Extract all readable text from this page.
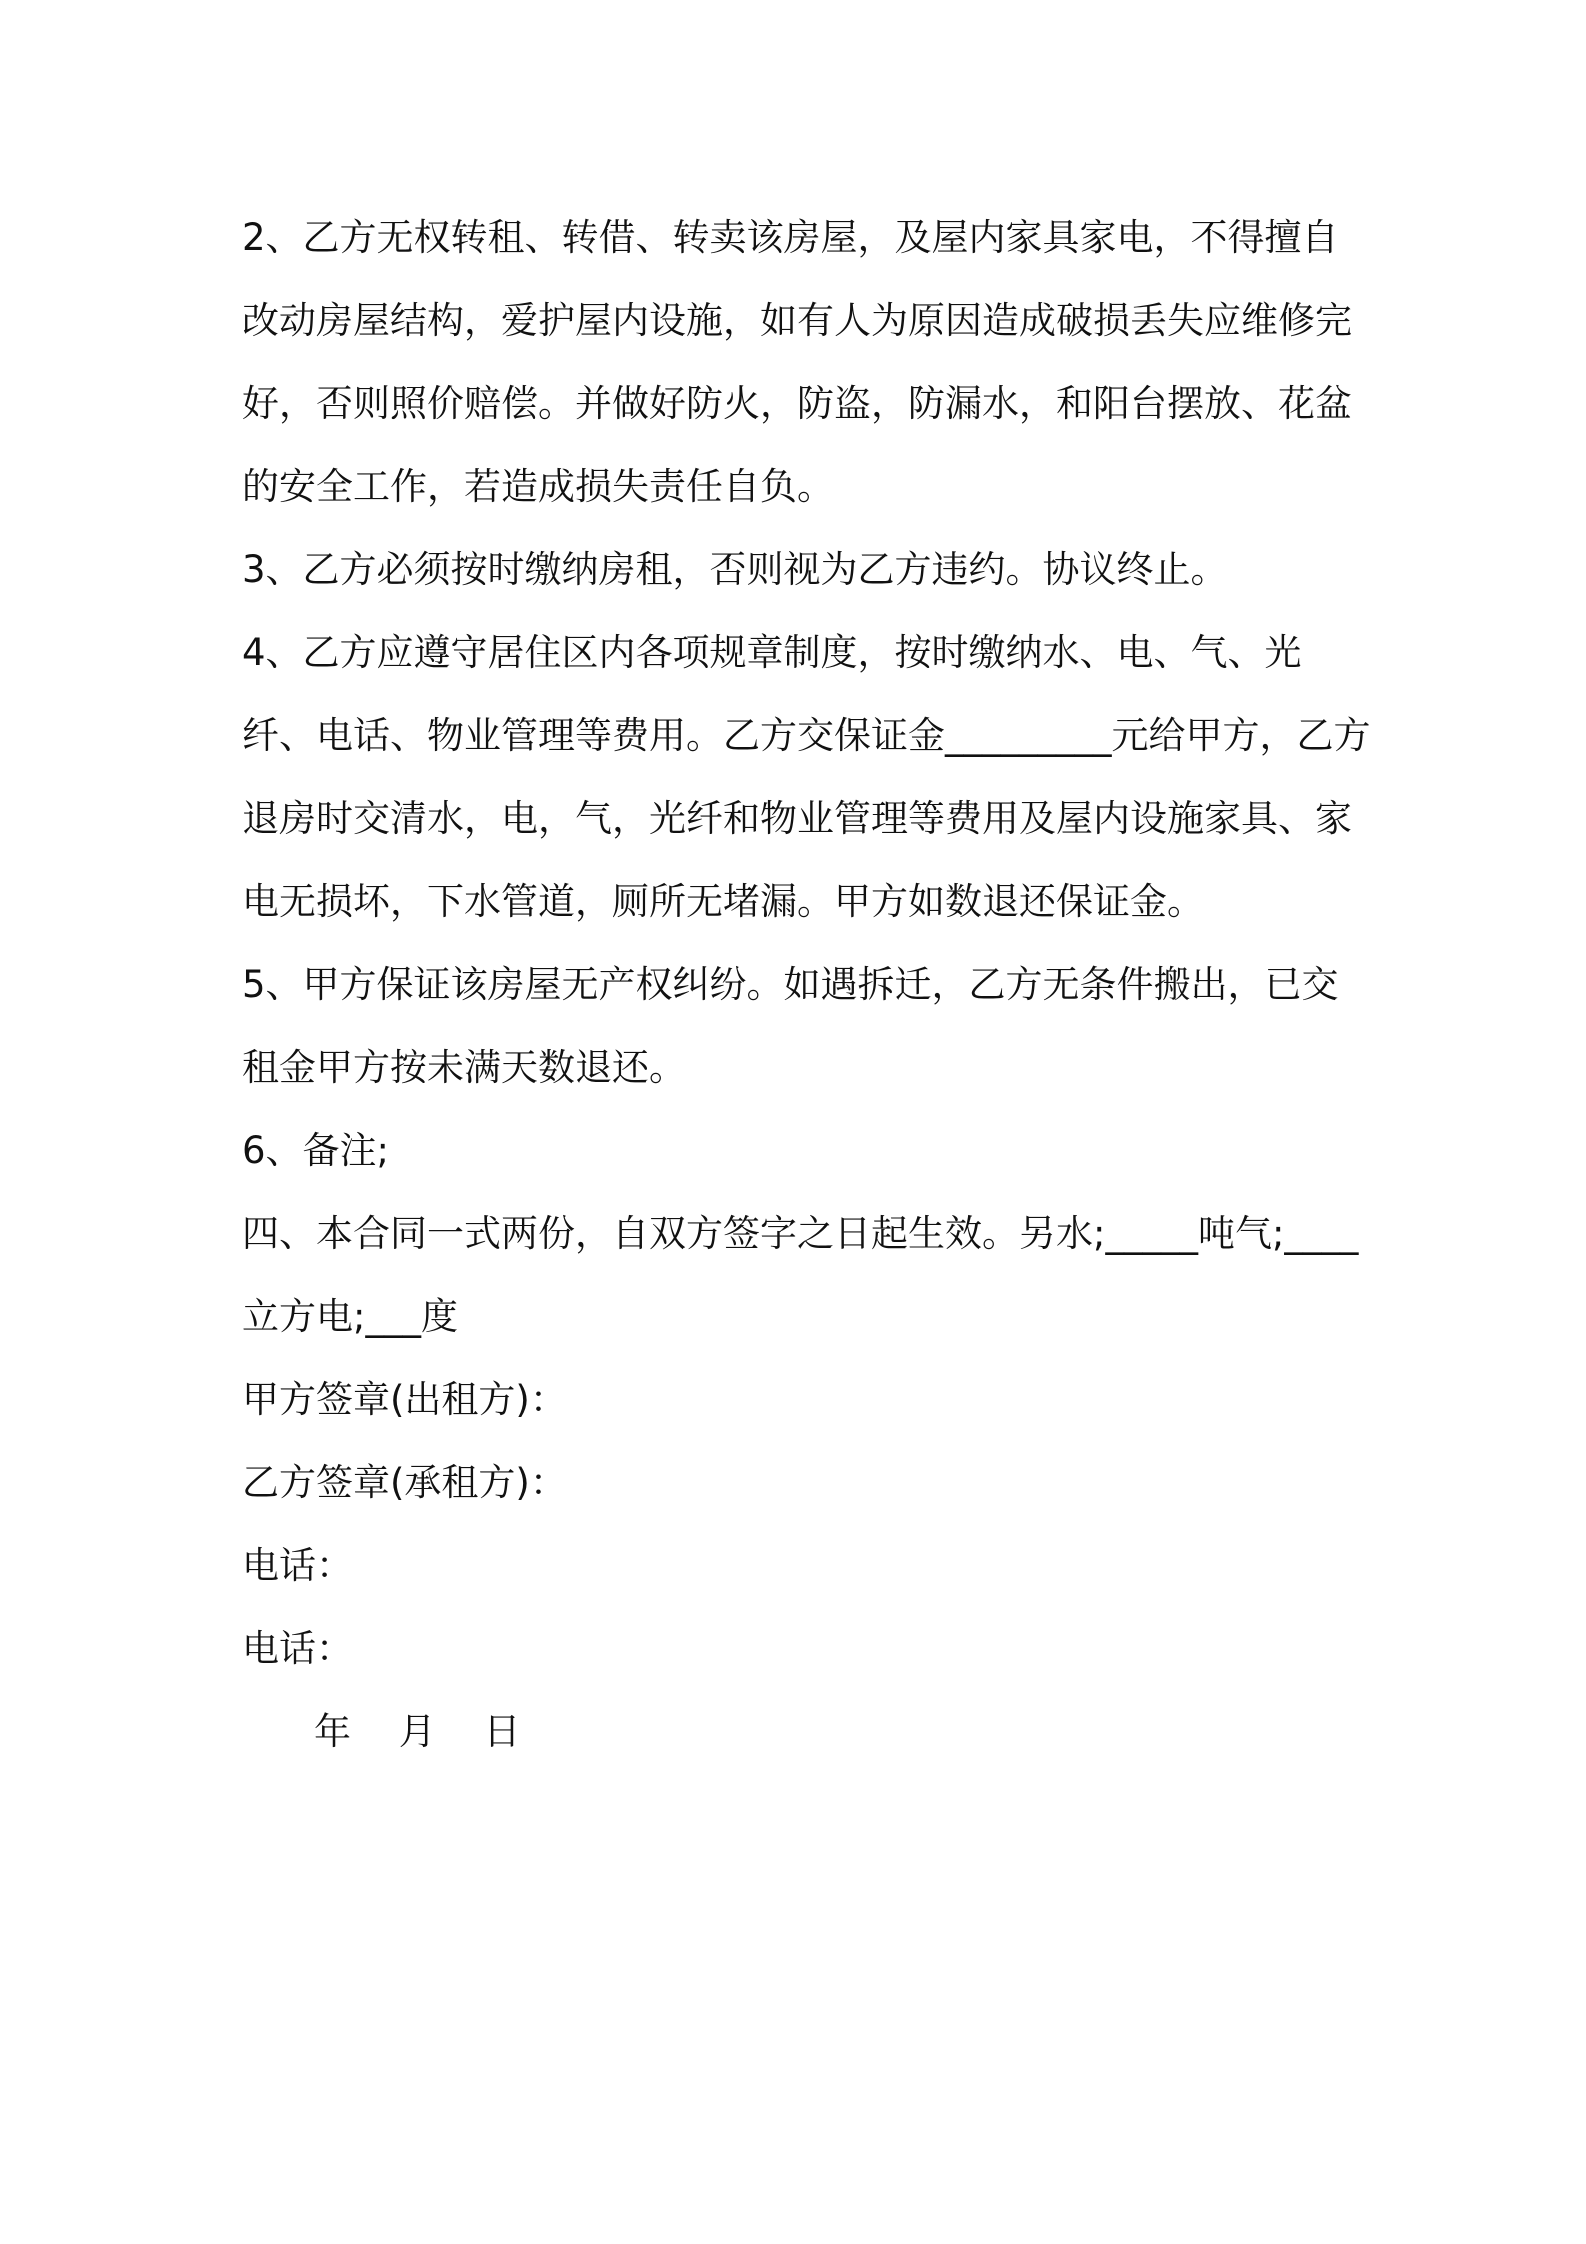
2、乙方无权转租、转借、转卖该房屋，及屋内家具家电，不得擅自改动房屋结构，爱护屋内设施，如有人为原因造成破损丢失应维修完好，否则照价赔偿。并做好防火，防盗，防漏水，和阳台摆放、花盆的安全工作，若造成损失责任自负。

3、乙方必须按时缴纳房租，否则视为乙方违约。协议终止。

4、乙方应遵守居住区内各项规章制度，按时缴纳水、电、气、光纤、电话、物业管理等费用。乙方交保证金_________元给甲方，乙方退房时交清水，电，气，光纤和物业管理等费用及屋内设施家具、家电无损坏，下水管道，厕所无堵漏。甲方如数退还保证金。

5、甲方保证该房屋无产权纠纷。如遇拆迁，乙方无条件搬出，已交租金甲方按未满天数退还。

6、备注;

四、本合同一式两份，自双方签字之日起生效。另水;_____吨气;____立方电;___度

甲方签章(出租方)：

乙方签章(承租方)：

电话：

电话：

年 月 日
